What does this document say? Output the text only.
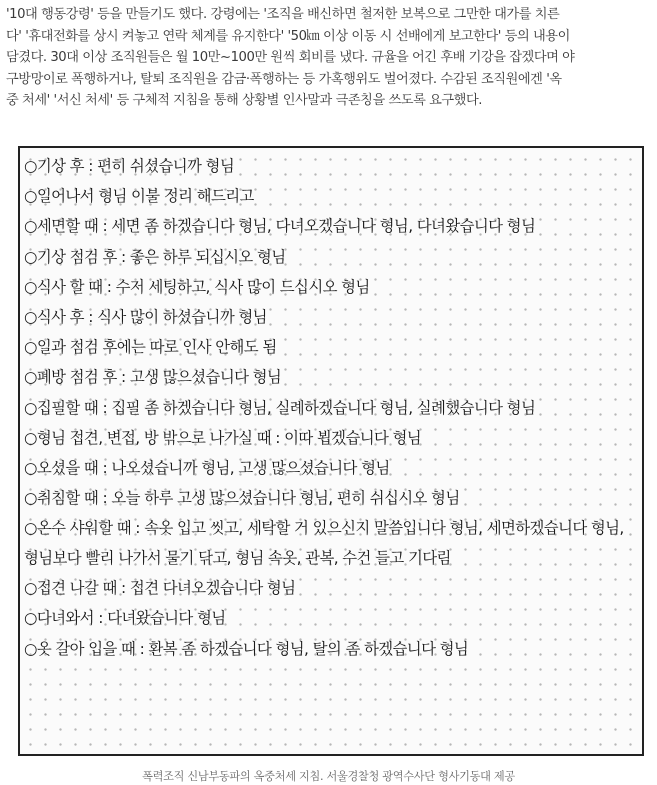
'10대 행동강령' 등을 만들기도 했다. 강령에는 '조직을 배신하면 철저한 보복으로 그만한 대가를 치른

다' '휴대전화를 상시 켜놓고 연락 체계를 유지한다' '50㎞ 이상 이동 시 선배에게 보고한다' 등의 내용이

담겼다. 30대 이상 조직원들은 월 10만~100만 원씩 회비를 냈다. 규율을 어긴 후배 기강을 잡겠다며 야

구방망이로 폭행하거나, 탈퇴 조직원을 감금·폭행하는 등 가혹행위도 벌어졌다. 수감된 조직원에겐 '옥

중 처세' '서신 처세' 등 구체적 지침을 통해 상황별 인사말과 극존칭을 쓰도록 요구했다.

○기상 후 : 편히 쉬셨습니까 형님
○일어나서 형님 이불 정리 해드리고
○세면할 때 : 세면 좀 하겠습니다 형님, 다녀오겠습니다 형님, 다녀왔습니다 형님
○기상 점검 후 : 좋은 하루 되십시오 형님
○식사 할 때 : 수저 세팅하고, 식사 많이 드십시오 형님
○식사 후 : 식사 많이 하셨습니까 형님
○일과 점검 후에는 따로 인사 안해도 됨
○폐방 점검 후 : 고생 많으셨습니다 형님
○집필할 때 : 집필 좀 하겠습니다 형님, 실례하겠습니다 형님, 실례했습니다 형님
○형님 접견, 변접, 방 밖으로 나가실 때 : 이따 뵙겠습니다 형님
○오셨을 때 : 나오셨습니까 형님, 고생 많으셨습니다 형님
○취침할 때 : 오늘 하루 고생 많으셨습니다 형님, 편히 쉬십시오 형님
○온수 샤워할 때 : 속옷 입고 씻고, 세탁할 거 있으신지 말씀입니다 형님, 세면하겠습니다 형님, 형님보다 빨리 나가서 물기 닦고, 형님 속옷, 관복, 수건 들고 기다림
○접견 나갈 때 : 접견 다녀오겠습니다 형님
○다녀와서 : 다녀왔습니다 형님
○옷 갈아 입을 때 : 환복 좀 하겠습니다 형님, 탈의 좀 하겠습니다 형님
폭력조직 신남부동파의 옥중처세 지침. 서울경찰청 광역수사단 형사기동대 제공
